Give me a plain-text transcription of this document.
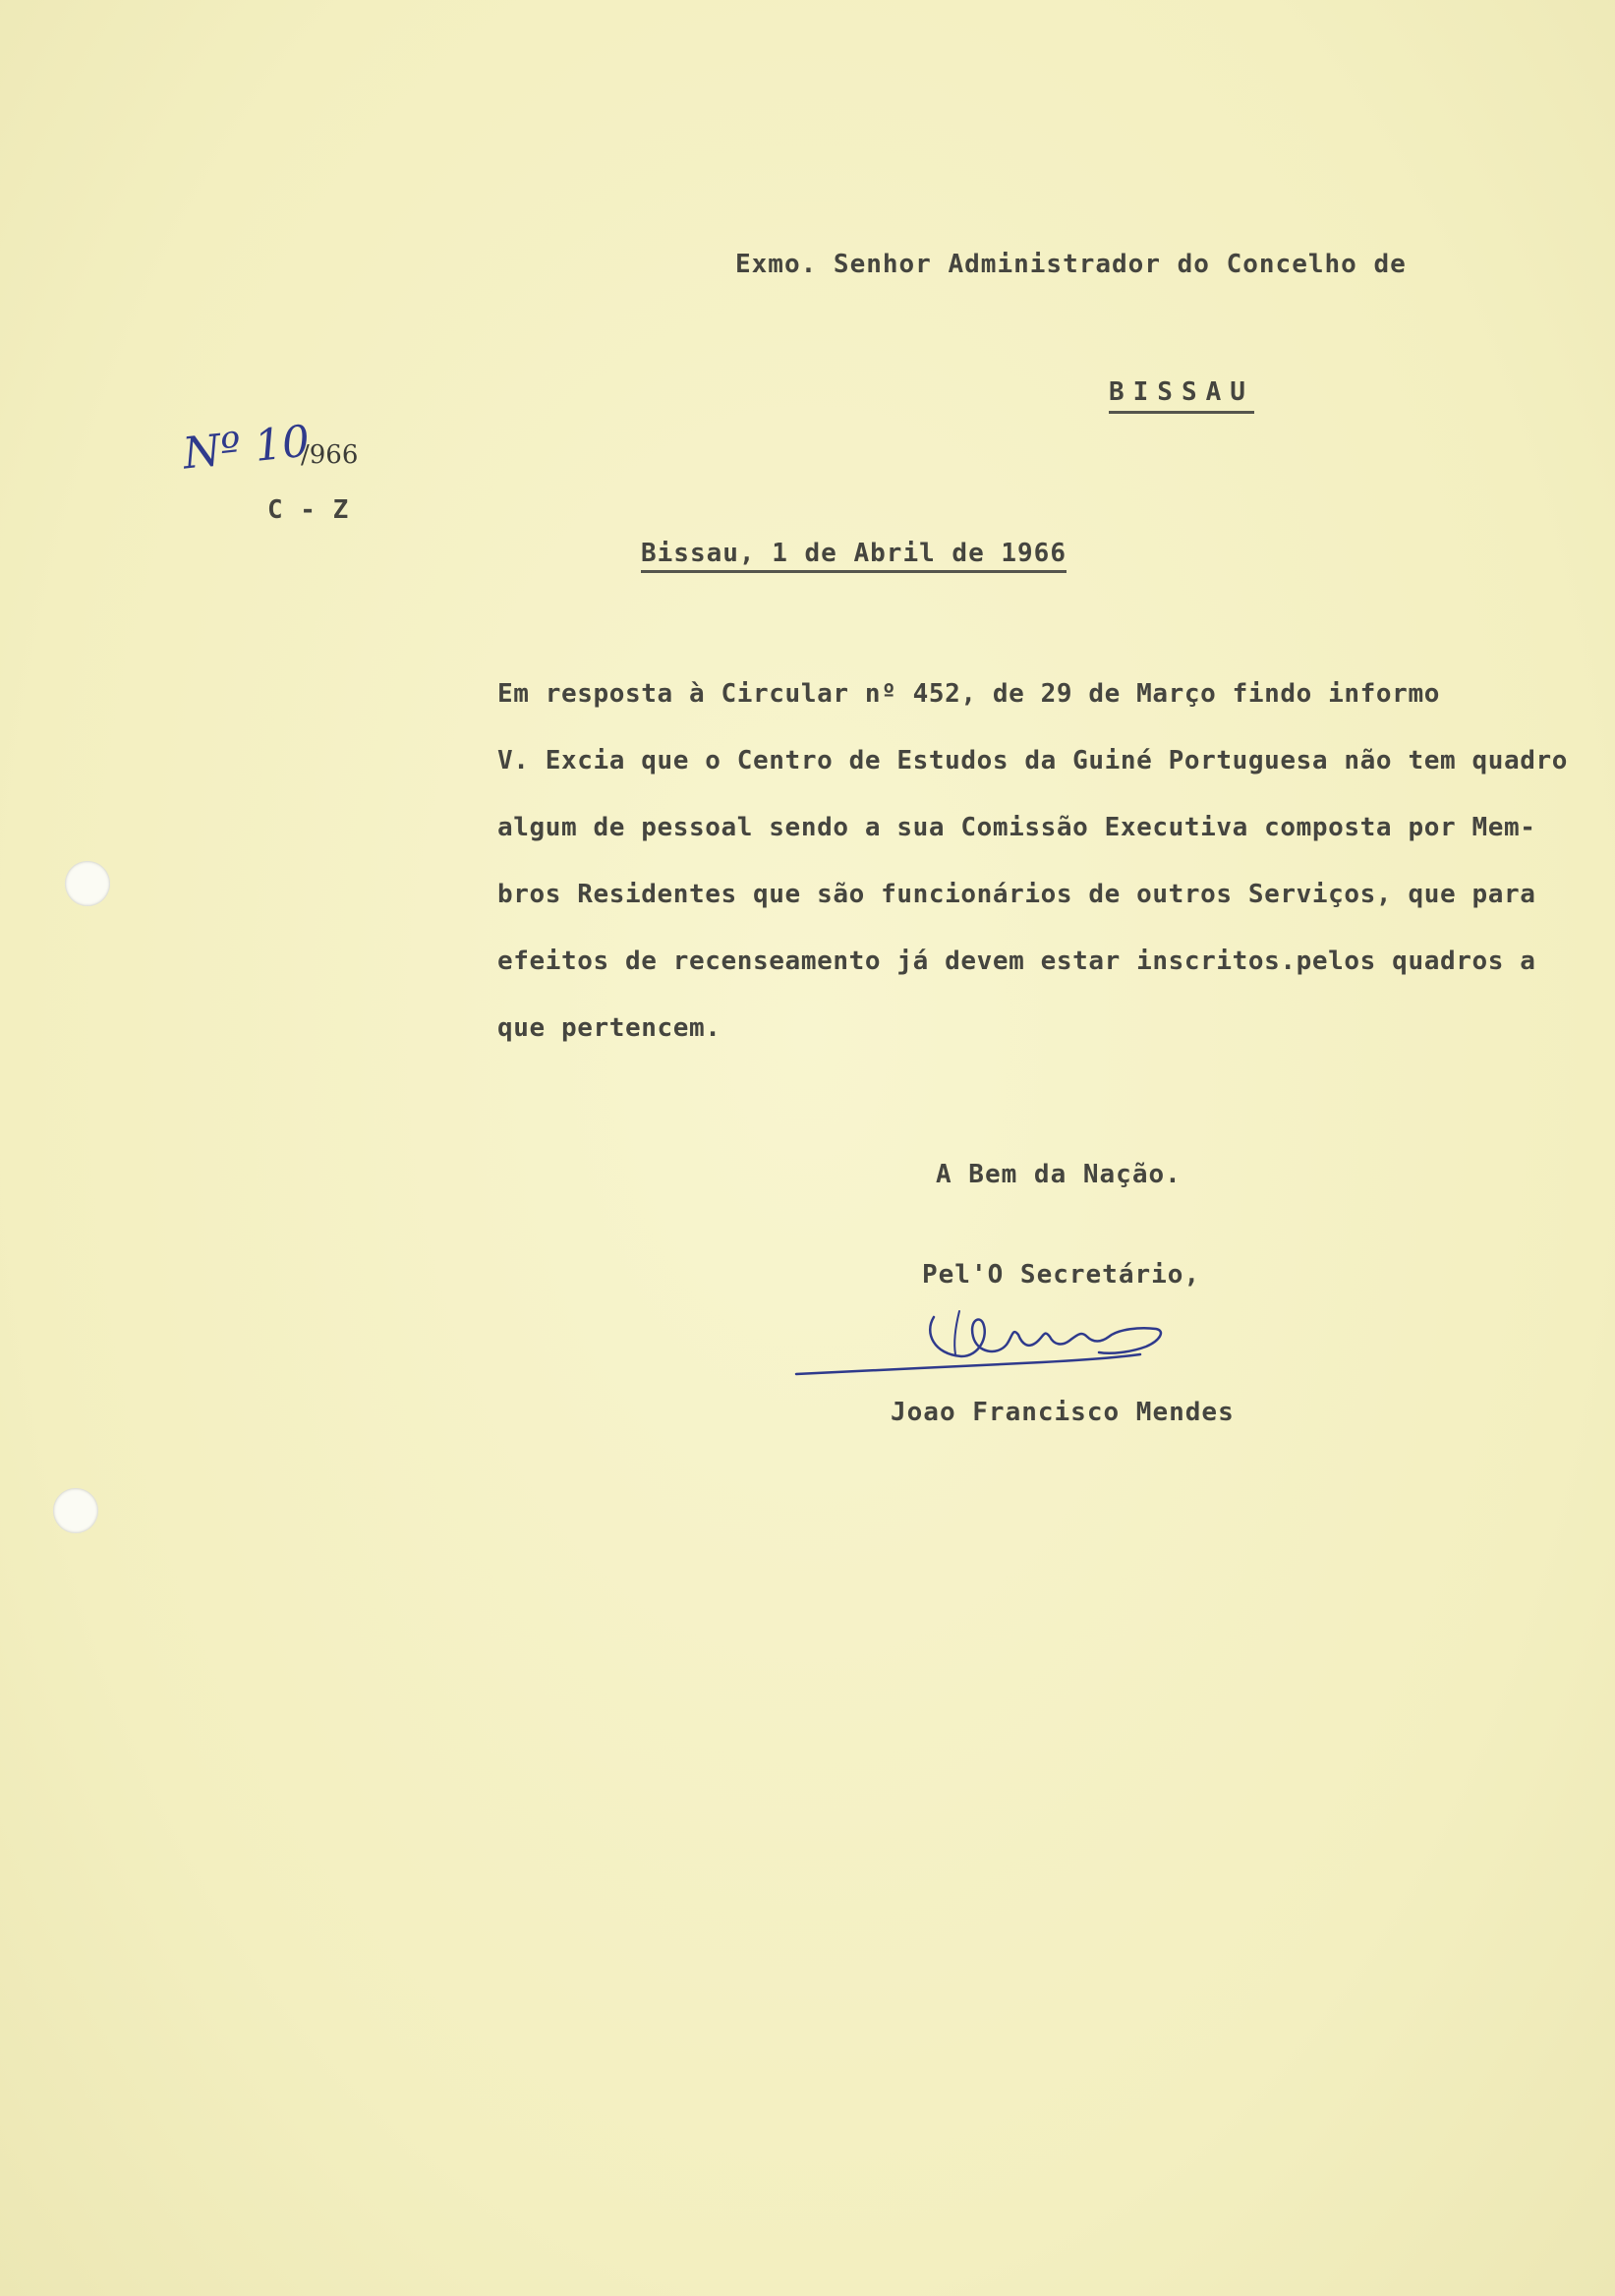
Exmo. Senhor Administrador do Concelho de
BISSAU
Nº 10
/966
C - Z
Bissau, 1 de Abril de 1966
Em resposta à Circular nº 452, de 29 de Março findo informo
V. Excia que o Centro de Estudos da Guiné Portuguesa não tem quadro
algum de pessoal sendo a sua Comissão Executiva composta por Mem-
bros Residentes que são funcionários de outros Serviços, que para
efeitos de recenseamento já devem estar inscritos.pelos quadros a
que pertencem.
A Bem da Nação.
Pel'O Secretário,
Joao Francisco Mendes
